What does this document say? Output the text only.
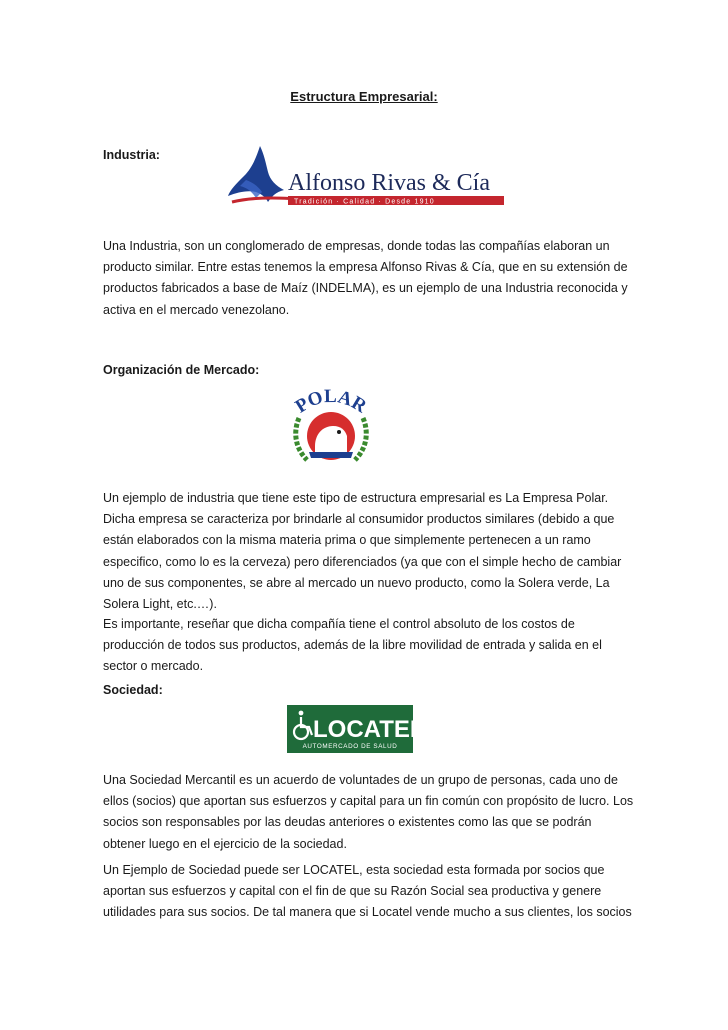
Estructura Empresarial:
Industria:
Alfonso Rivas & Cía
Tradición · Calidad · Desde 1910
Una Industria, son un conglomerado de empresas, donde todas las compañías elaboran un
producto similar. Entre estas tenemos la empresa Alfonso Rivas & Cía, que en su extensión de
productos fabricados a base de Maíz (INDELMA), es un ejemplo de una Industria reconocida y
activa en el mercado venezolano.
Organización de Mercado:
POLAR
Un ejemplo de industria que tiene este tipo de estructura empresarial es La Empresa Polar.
Dicha empresa se caracteriza por brindarle al consumidor productos similares (debido a que
están elaborados con la misma materia prima o que simplemente pertenecen a un ramo
especifico, como lo es la cerveza) pero diferenciados (ya que con el simple hecho de cambiar
uno de sus componentes, se abre al mercado un nuevo producto, como la Solera verde, La
Solera Light, etc.…).
Es importante, reseñar que dicha compañía tiene el control absoluto de los costos de
producción de todos sus productos, además de la libre movilidad de entrada y salida en el
sector o mercado.
Sociedad:
LOCATEL
AUTOMERCADO DE SALUD
Una Sociedad Mercantil es un acuerdo de voluntades de un grupo de personas, cada uno de
ellos (socios) que aportan sus esfuerzos y capital para un fin común con propósito de lucro. Los
socios son responsables por las deudas anteriores o existentes como las que se podrán
obtener luego en el ejercicio de la sociedad.
Un Ejemplo de Sociedad puede ser LOCATEL, esta sociedad esta formada por socios que
aportan sus esfuerzos y capital con el fin de que su Razón Social sea productiva y genere
utilidades para sus socios. De tal manera que si Locatel vende mucho a sus clientes, los socios
